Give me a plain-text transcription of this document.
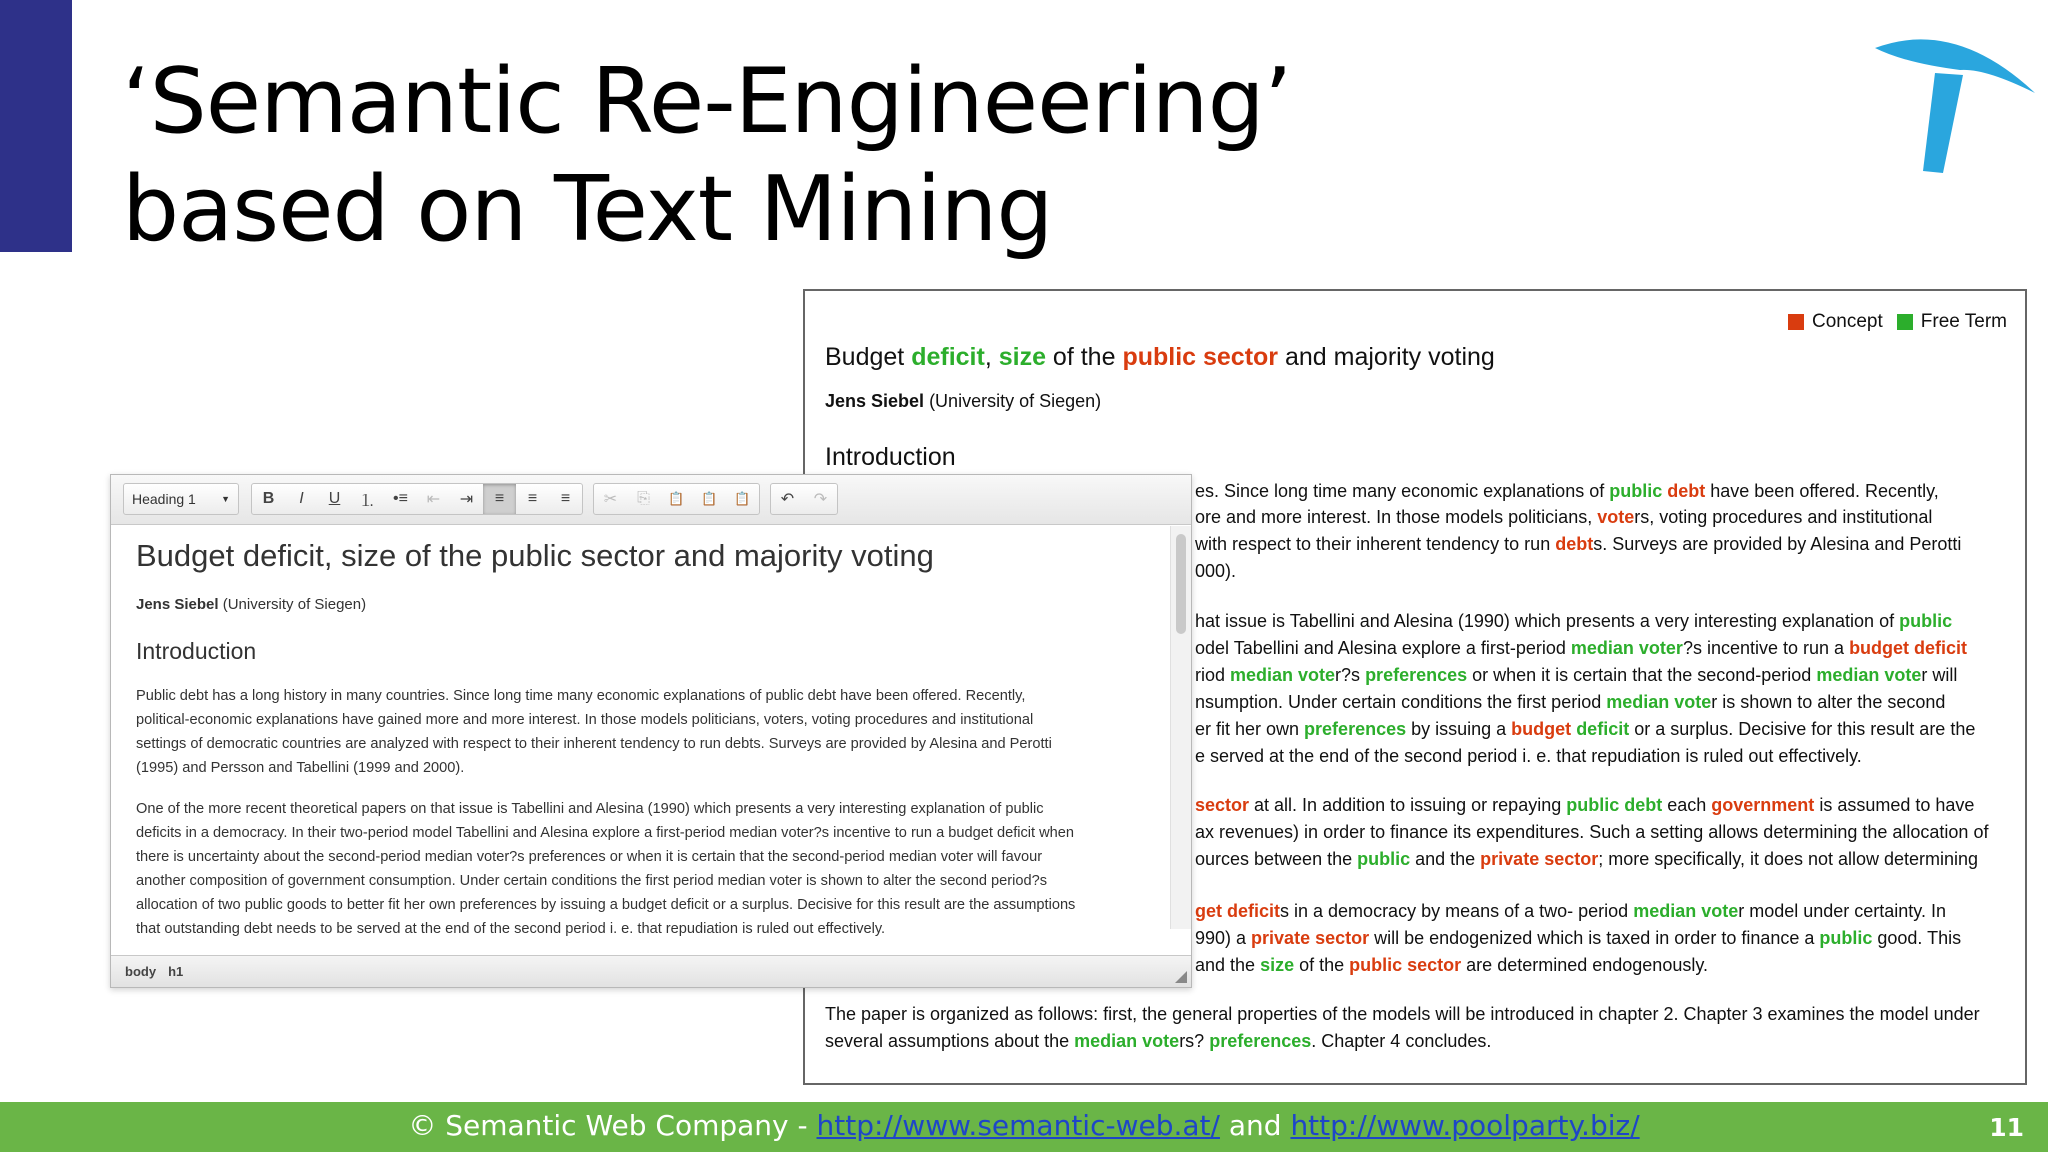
‘Semantic Re-Engineering’
based on Text Mining
Concept Free Term
Budget deficit, size of the public sector and majority voting
Jens Siebel (University of Siegen)
Introduction
es. Since long time many economic explanations of public debt have been offered. Recently,
ore and more interest. In those models politicians, voters, voting procedures and institutional
with respect to their inherent tendency to run debts. Surveys are provided by Alesina and Perotti
000).
hat issue is Tabellini and Alesina (1990) which presents a very interesting explanation of public
odel Tabellini and Alesina explore a first-period median voter?s incentive to run a budget deficit
riod median voter?s preferences or when it is certain that the second-period median voter will
nsumption. Under certain conditions the first period median voter is shown to alter the second
er fit her own preferences by issuing a budget deficit or a surplus. Decisive for this result are the
e served at the end of the second period i. e. that repudiation is ruled out effectively.
sector at all. In addition to issuing or repaying public debt each government is assumed to have
ax revenues) in order to finance its expenditures. Such a setting allows determining the allocation of
ources between the public and the private sector; more specifically, it does not allow determining
get deficits in a democracy by means of a two- period median voter model under certainty. In
990) a private sector will be endogenized which is taxed in order to finance a public good. This
and the size of the public sector are determined endogenously.
The paper is organized as follows: first, the general properties of the models will be introduced in chapter 2. Chapter 3 examines the model under
several assumptions about the median voters? preferences. Chapter 4 concludes.
Heading 1	▼ B I U ⒈ •≡ ⇤ ⇥ ≡ ≡ ≡ ✂ ⎘ 📋 📋 📋 ↶ ↷
Budget deficit, size of the public sector and majority voting
Jens Siebel (University of Siegen)
Introduction
Public debt has a long history in many countries. Since long time many economic explanations of public debt have been offered. Recently,
political-economic explanations have gained more and more interest. In those models politicians, voters, voting procedures and institutional
settings of democratic countries are analyzed with respect to their inherent tendency to run debts. Surveys are provided by Alesina and Perotti
(1995) and Persson and Tabellini (1999 and 2000).
One of the more recent theoretical papers on that issue is Tabellini and Alesina (1990) which presents a very interesting explanation of public
deficits in a democracy. In their two-period model Tabellini and Alesina explore a first-period median voter?s incentive to run a budget deficit when
there is uncertainty about the second-period median voter?s preferences or when it is certain that the second-period median voter will favour
another composition of government consumption. Under certain conditions the first period median voter is shown to alter the second period?s
allocation of two public goods to better fit her own preferences by issuing a budget deficit or a surplus. Decisive for this result are the assumptions
that outstanding debt needs to be served at the end of the second period i. e. that repudiation is ruled out effectively.
body h1
© Semantic Web Company - http://www.semantic-web.at/ and http://www.poolparty.biz/	11
